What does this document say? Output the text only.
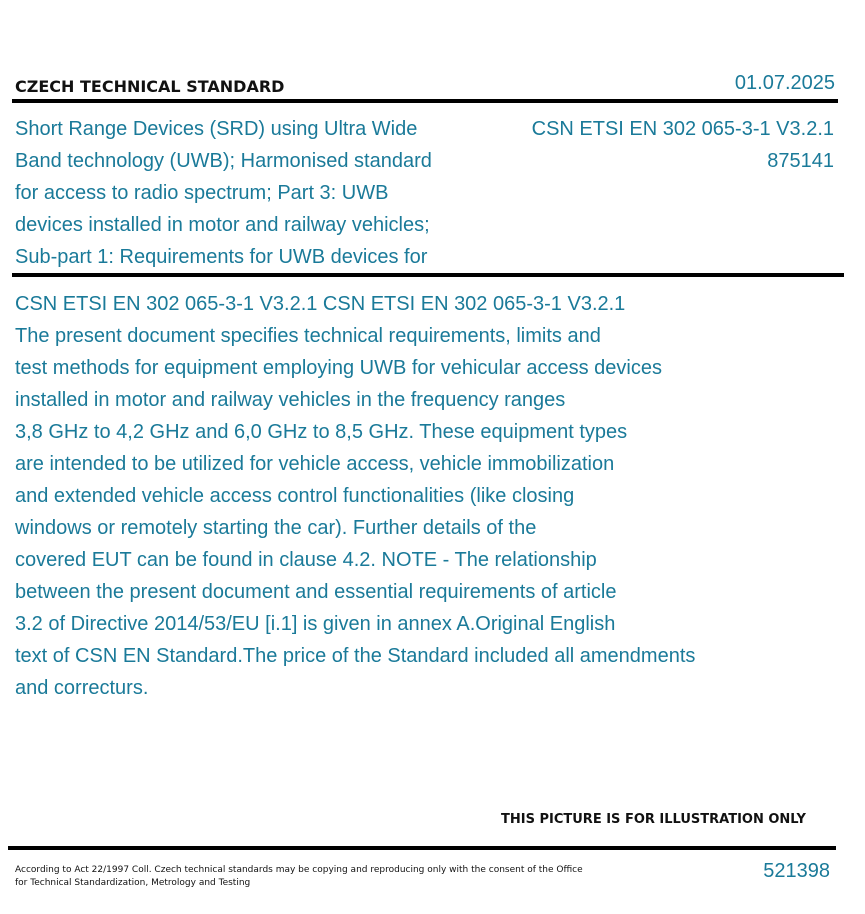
CZECH TECHNICAL STANDARD	01.07.2025
Short Range Devices (SRD) using Ultra Wide
Band technology (UWB); Harmonised standard
for access to radio spectrum; Part 3: UWB
devices installed in motor and railway vehicles;
Sub-part 1: Requirements for UWB devices for
CSN ETSI EN 302 065-3-1 V3.2.1
875141
CSN ETSI EN 302 065-3-1 V3.2.1 CSN ETSI EN 302 065-3-1 V3.2.1
The present document specifies technical requirements, limits and
test methods for equipment employing UWB for vehicular access devices
installed in motor and railway vehicles in the frequency ranges
3,8 GHz to 4,2 GHz and 6,0 GHz to 8,5 GHz. These equipment types
are intended to be utilized for vehicle access, vehicle immobilization
and extended vehicle access control functionalities (like closing
windows or remotely starting the car). Further details of the
covered EUT can be found in clause 4.2. NOTE - The relationship
between the present document and essential requirements of article
3.2 of Directive 2014/53/EU [i.1] is given in annex A.Original English
text of CSN EN Standard.The price of the Standard included all amendments
and correcturs.
THIS PICTURE IS FOR ILLUSTRATION ONLY
According to Act 22/1997 Coll. Czech technical standards may be copying and reproducing only with the consent of the Office
for Technical Standardization, Metrology and Testing
521398
